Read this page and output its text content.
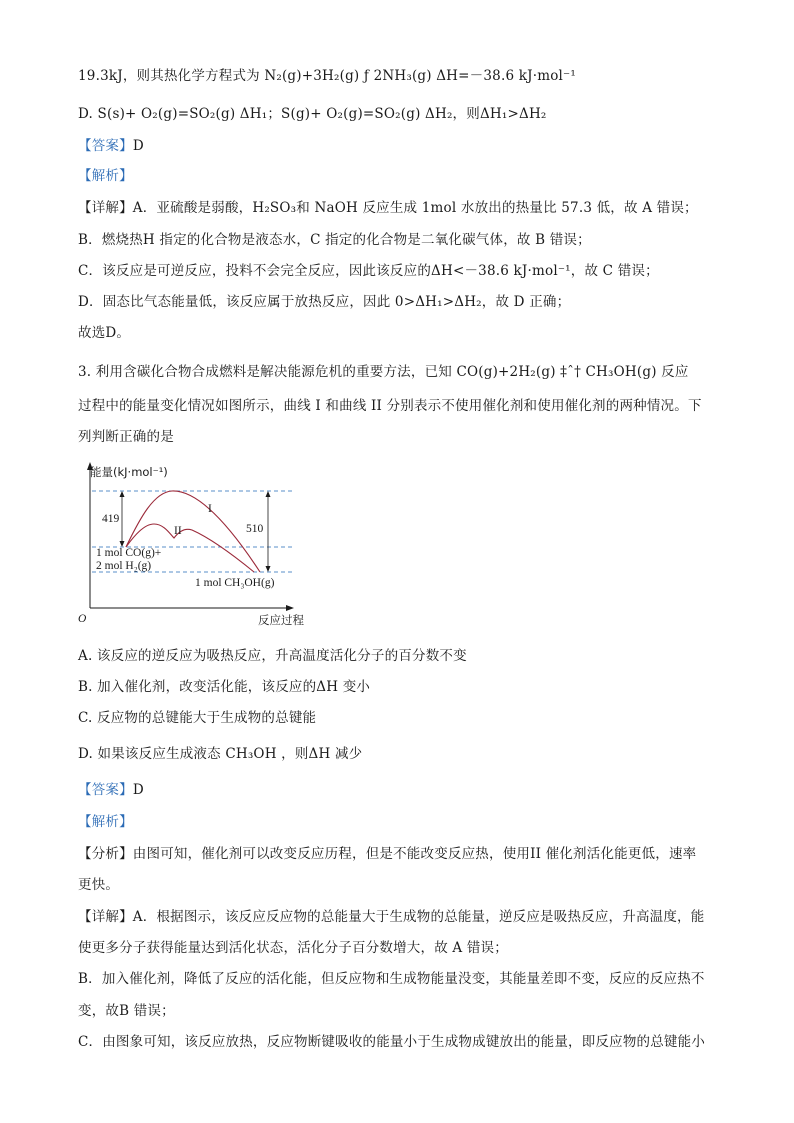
19.3kJ，则其热化学方程式为 N₂(g)+3H₂(g) ƒ 2NH₃(g) ΔH=－38.6 kJ·mol⁻¹
D. S(s)+ O₂(g)=SO₂(g) ΔH₁；S(g)+ O₂(g)=SO₂(g) ΔH₂，则ΔH₁>ΔH₂
【答案】D
【解析】
【详解】A．亚硫酸是弱酸，H₂SO₃和 NaOH 反应生成 1mol 水放出的热量比 57.3 低，故 A 错误；
B．燃烧热H 指定的化合物是液态水，C 指定的化合物是二氧化碳气体，故 B 错误；
C．该反应是可逆反应，投料不会完全反应，因此该反应的ΔH<－38.6 kJ·mol⁻¹，故 C 错误；
D．固态比气态能量低，该反应属于放热反应，因此 0>ΔH₁>ΔH₂，故 D 正确；
故选D。
3. 利用含碳化合物合成燃料是解决能源危机的重要方法，已知 CO(g)+2H₂(g) ‡ˆ† CH₃OH(g) 反应
过程中的能量变化情况如图所示，曲线 I 和曲线 II 分别表示不使用催化剂和使用催化剂的两种情况。下
列判断正确的是
O
能量(kJ·mol⁻¹)
反应过程
419
510
I
II
1 mol CO(g)+
2 mol H₂(g)
1 mol CH₃OH(g)
A. 该反应的逆反应为吸热反应，升高温度活化分子的百分数不变
B. 加入催化剂，改变活化能，该反应的ΔH 变小
C. 反应物的总键能大于生成物的总键能
D. 如果该反应生成液态 CH₃OH ，则ΔH 减少
【答案】D
【解析】
【分析】由图可知，催化剂可以改变反应历程，但是不能改变反应热，使用II 催化剂活化能更低，速率
更快。
【详解】A．根据图示，该反应反应物的总能量大于生成物的总能量，逆反应是吸热反应，升高温度，能
使更多分子获得能量达到活化状态，活化分子百分数增大，故 A 错误；
B．加入催化剂，降低了反应的活化能，但反应物和生成物能量没变，其能量差即不变，反应的反应热不
变，故B 错误；
C．由图象可知，该反应放热，反应物断键吸收的能量小于生成物成键放出的能量，即反应物的总键能小
